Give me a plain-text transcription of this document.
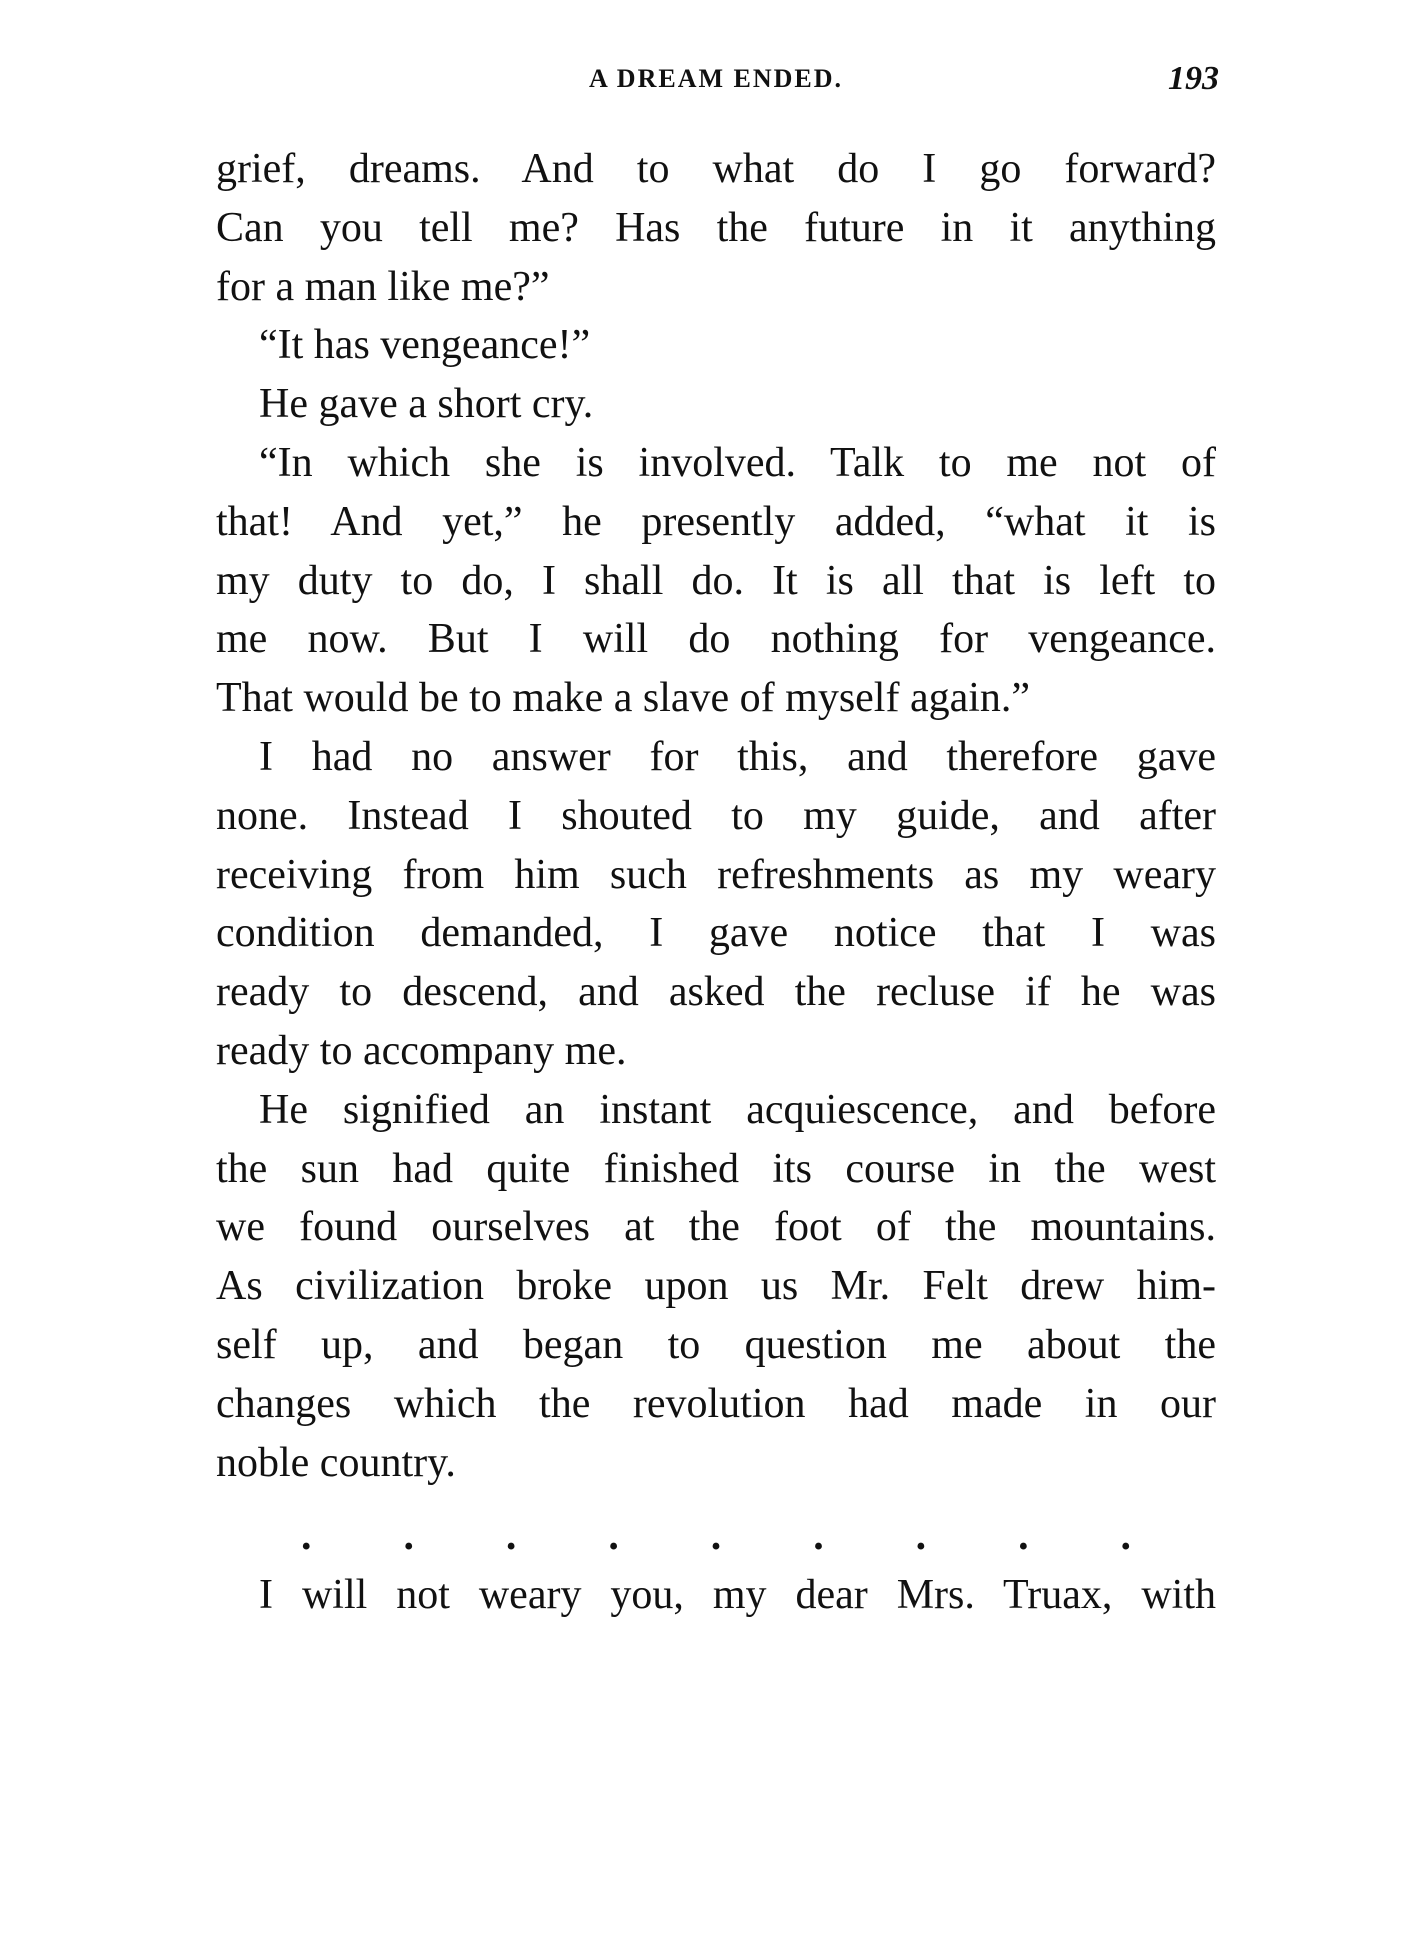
A DREAM ENDED.	193
grief, dreams. And to what do I go forward?
Can you tell me? Has the future in it anything
for a man like me?”
“It has vengeance!”
He gave a short cry.
“In which she is involved. Talk to me not of
that! And yet,” he presently added, “what it is
my duty to do, I shall do. It is all that is left to
me now. But I will do nothing for vengeance.
That would be to make a slave of myself again.”
I had no answer for this, and therefore gave
none. Instead I shouted to my guide, and after
receiving from him such refreshments as my weary
condition demanded, I gave notice that I was
ready to descend, and asked the recluse if he was
ready to accompany me.
He signified an instant acquiescence, and before
the sun had quite finished its course in the west
we found ourselves at the foot of the mountains.
As civilization broke upon us Mr. Felt drew him-
self up, and began to question me about the
changes which the revolution had made in our
noble country.
. . . . . . . . .
I will not weary you, my dear Mrs. Truax, with
